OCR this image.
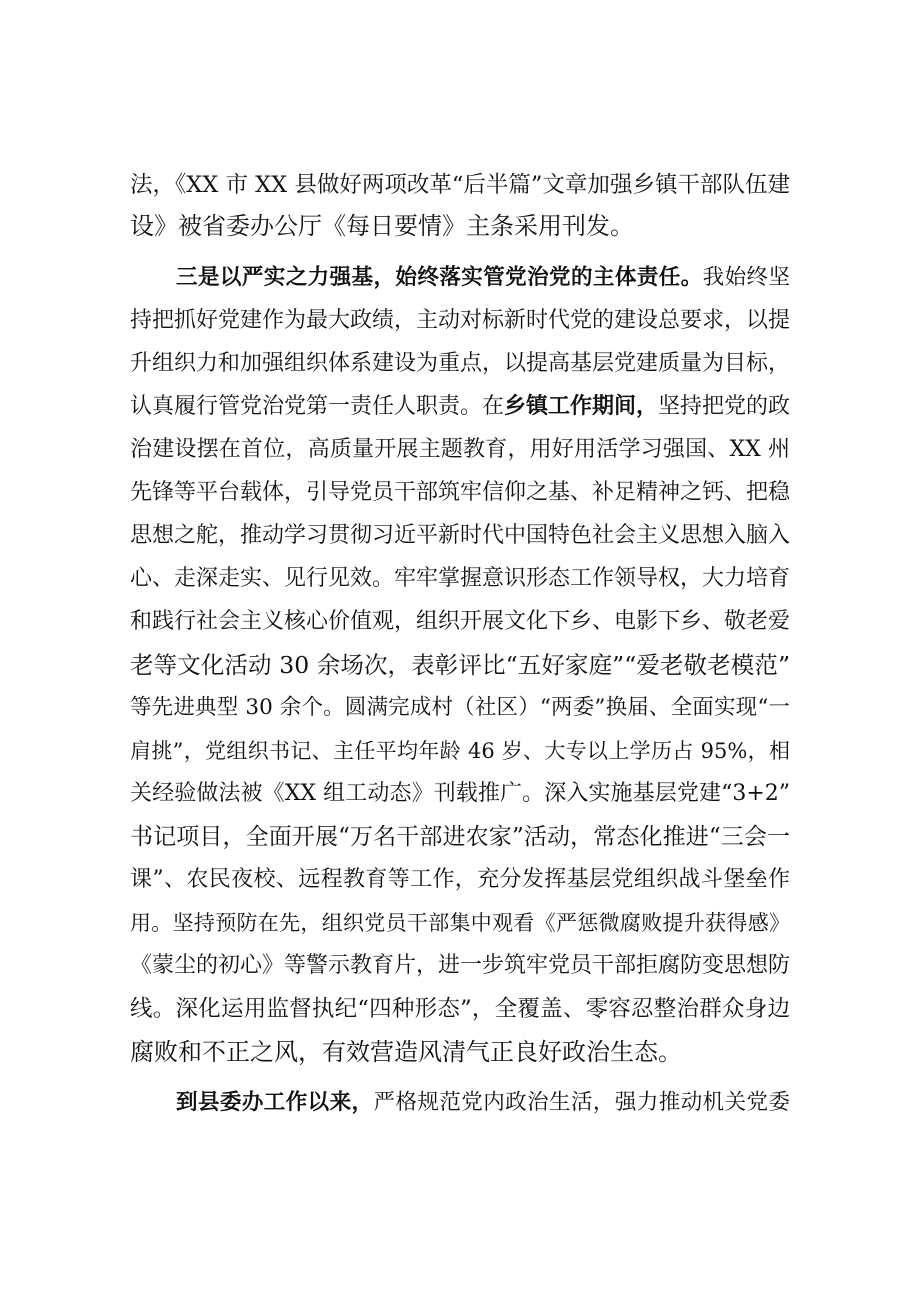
法，《XX 市 XX 县做好两项改革“后半篇”文章加强乡镇干部队伍建
设》被省委办公厅《每日要情》主条采用刊发。
三是以严实之力强基，始终落实管党治党的主体责任。我始终坚
持把抓好党建作为最大政绩，主动对标新时代党的建设总要求，以提
升组织力和加强组织体系建设为重点，以提高基层党建质量为目标，
认真履行管党治党第一责任人职责。在乡镇工作期间，坚持把党的政
治建设摆在首位，高质量开展主题教育，用好用活学习强国、XX 州
先锋等平台载体，引导党员干部筑牢信仰之基、补足精神之钙、把稳
思想之舵，推动学习贯彻习近平新时代中国特色社会主义思想入脑入
心、走深走实、见行见效。牢牢掌握意识形态工作领导权，大力培育
和践行社会主义核心价值观，组织开展文化下乡、电影下乡、敬老爱
老等文化活动 30 余场次，表彰评比“五好家庭”“爱老敬老模范”
等先进典型 30 余个。圆满完成村（社区）“两委”换届、全面实现“一
肩挑”，党组织书记、主任平均年龄 46 岁、大专以上学历占 95%，相
关经验做法被《XX 组工动态》刊载推广。深入实施基层党建“3+2”
书记项目，全面开展“万名干部进农家”活动，常态化推进“三会一
课”、农民夜校、远程教育等工作，充分发挥基层党组织战斗堡垒作
用。坚持预防在先，组织党员干部集中观看《严惩微腐败提升获得感》
《蒙尘的初心》等警示教育片，进一步筑牢党员干部拒腐防变思想防
线。深化运用监督执纪“四种形态”，全覆盖、零容忍整治群众身边
腐败和不正之风，有效营造风清气正良好政治生态。
到县委办工作以来，严格规范党内政治生活，强力推动机关党委
